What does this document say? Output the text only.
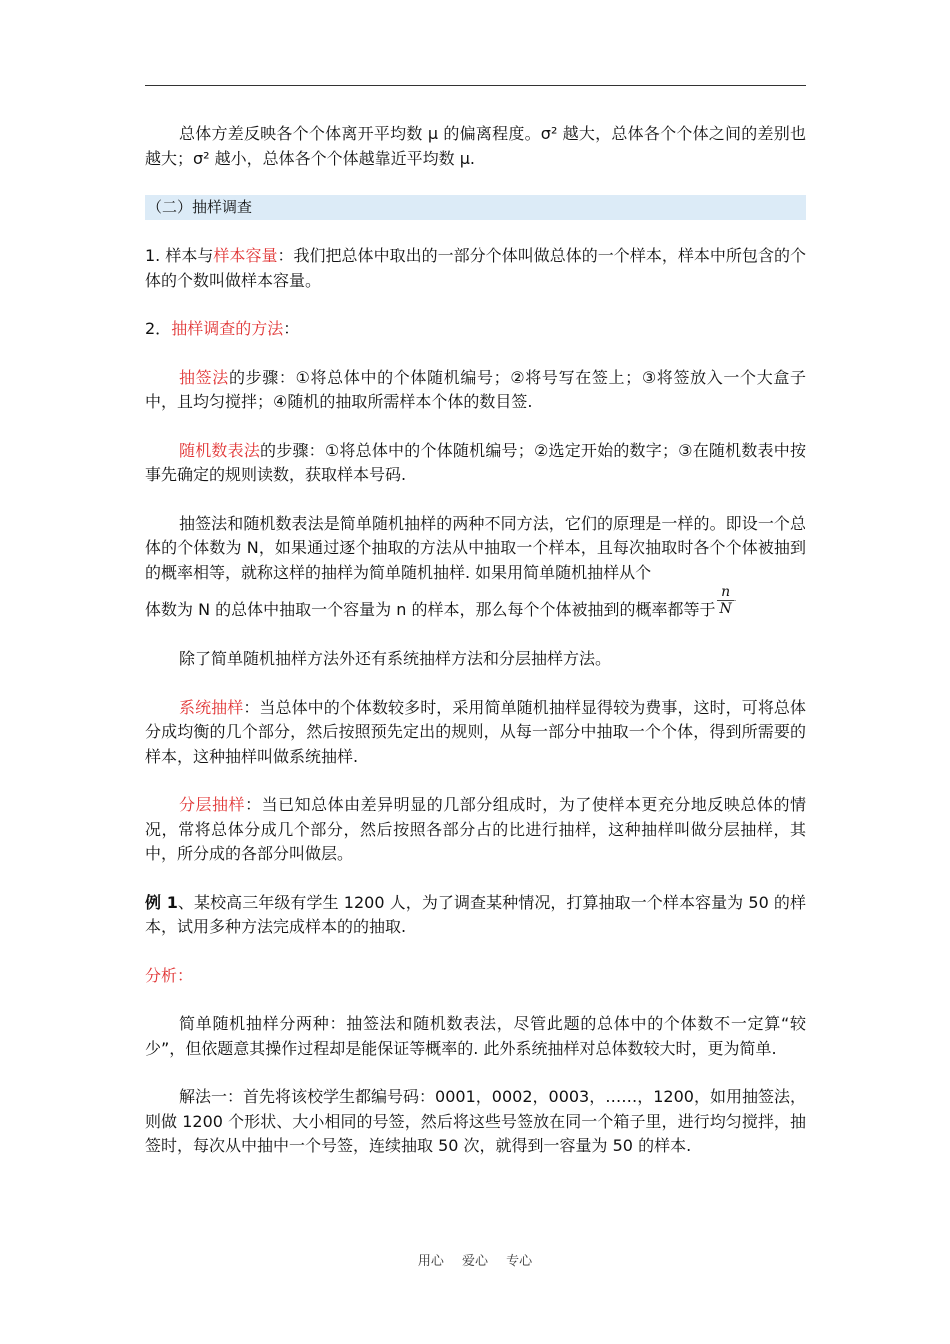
总体方差反映各个个体离开平均数 μ 的偏离程度。σ² 越大，总体各个个体之间的差别也越大；σ² 越小，总体各个个体越靠近平均数 μ.

（二）抽样调查

1. 样本与样本容量：我们把总体中取出的一部分个体叫做总体的一个样本，样本中所包含的个体的个数叫做样本容量。

2．抽样调查的方法：

抽签法的步骤：①将总体中的个体随机编号；②将号写在签上；③将签放入一个大盒子中，且均匀搅拌；④随机的抽取所需样本个体的数目签.

随机数表法的步骤：①将总体中的个体随机编号；②选定开始的数字；③在随机数表中按事先确定的规则读数，获取样本号码.

抽签法和随机数表法是简单随机抽样的两种不同方法，它们的原理是一样的。即设一个总体的个体数为 N，如果通过逐个抽取的方法从中抽取一个样本，且每次抽取时各个个体被抽到的概率相等，就称这样的抽样为简单随机抽样. 如果用简单随机抽样从个

体数为 N 的总体中抽取一个容量为 n 的样本，那么每个个体被抽到的概率都等于 $\frac{n}{N} ^.$

除了简单随机抽样方法外还有系统抽样方法和分层抽样方法。

系统抽样：当总体中的个体数较多时，采用简单随机抽样显得较为费事，这时，可将总体分成均衡的几个部分，然后按照预先定出的规则，从每一部分中抽取一个个体，得到所需要的样本，这种抽样叫做系统抽样.

分层抽样：当已知总体由差异明显的几部分组成时，为了使样本更充分地反映总体的情况，常将总体分成几个部分，然后按照各部分占的比进行抽样，这种抽样叫做分层抽样，其中，所分成的各部分叫做层。

例 1、某校高三年级有学生 1200 人，为了调查某种情况，打算抽取一个样本容量为 50 的样本，试用多种方法完成样本的的抽取.

分析：

简单随机抽样分两种：抽签法和随机数表法，尽管此题的总体中的个体数不一定算“较少”，但依题意其操作过程却是能保证等概率的. 此外系统抽样对总体数较大时，更为简单.

解法一：首先将该校学生都编号码：0001，0002，0003，……，1200，如用抽签法，则做 1200 个形状、大小相同的号签，然后将这些号签放在同一个箱子里，进行均匀搅拌，抽签时，每次从中抽中一个号签，连续抽取 50 次，就得到一容量为 50 的样本.

用心 爱心 专心
